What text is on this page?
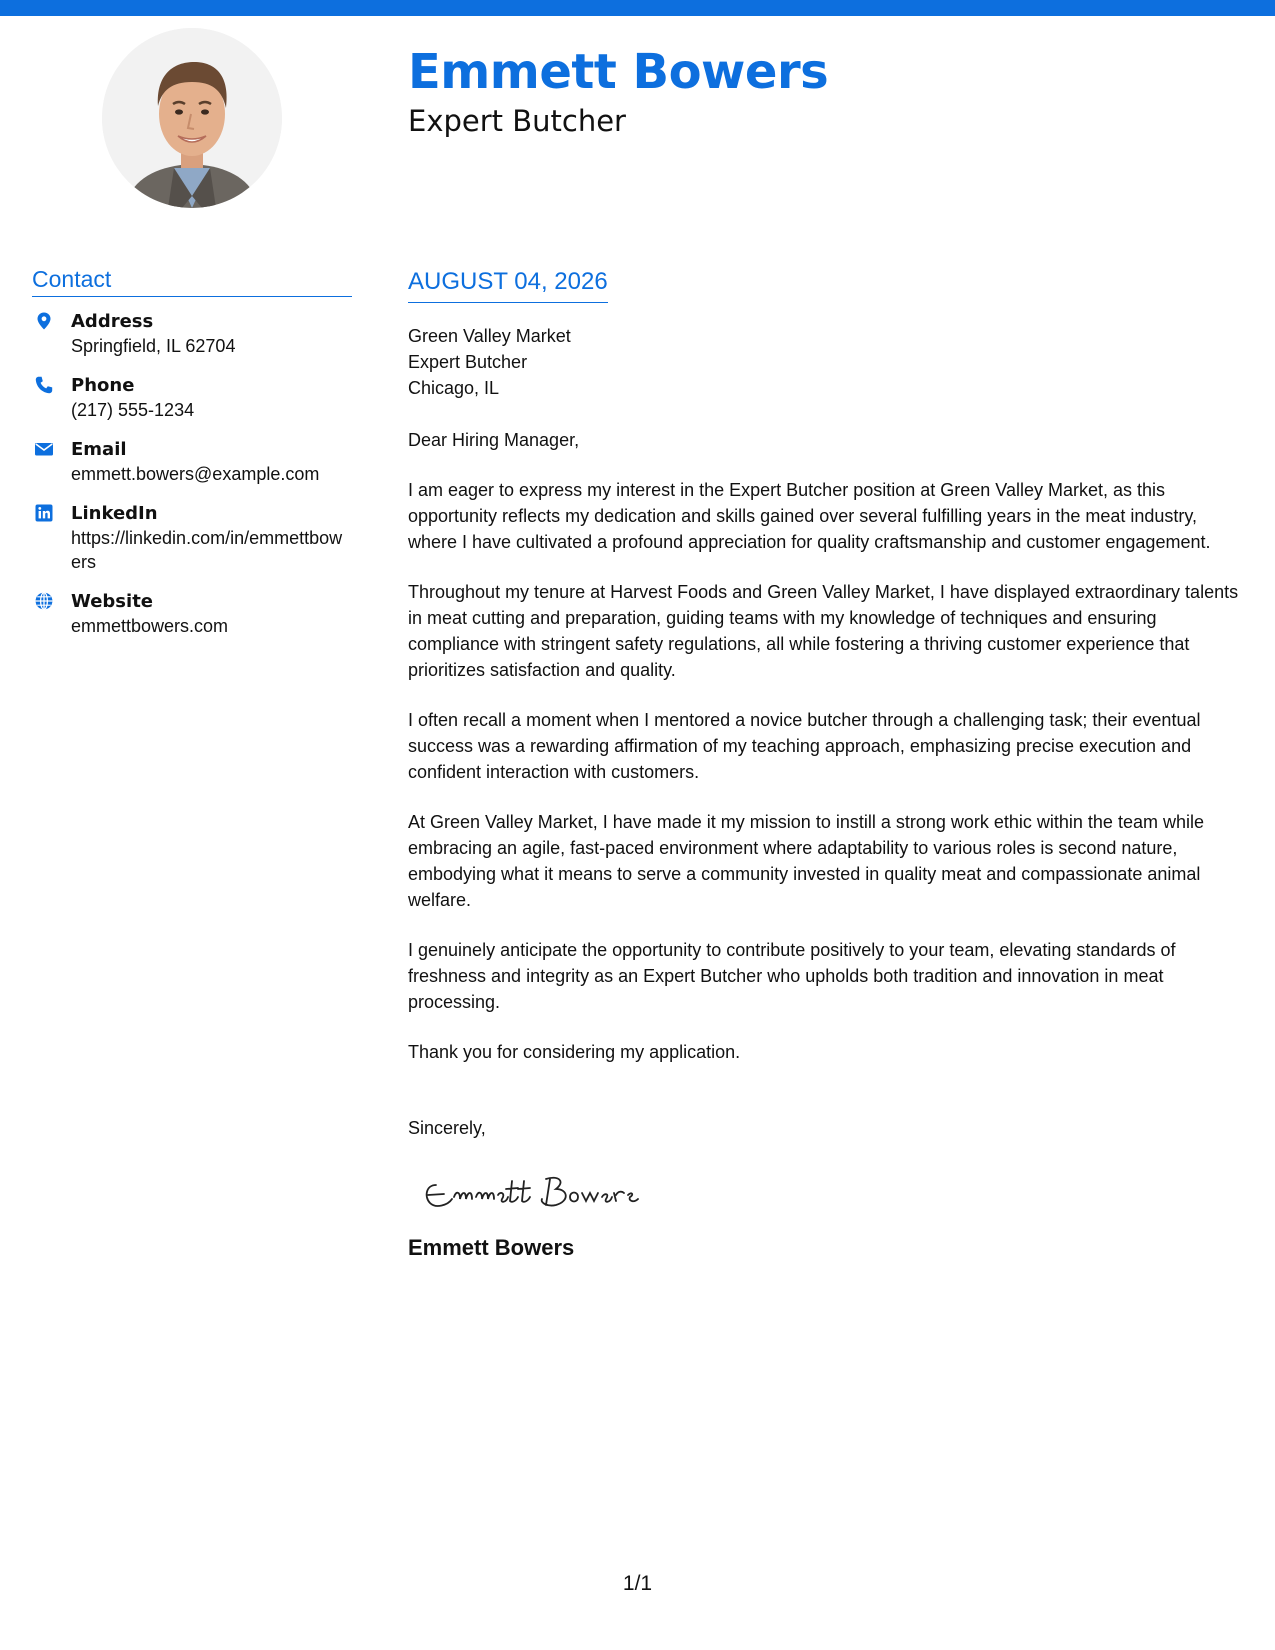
Emmett Bowers
Expert Butcher
Contact
Address
Springfield, IL 62704
Phone
(217) 555-1234
Email
emmett.bowers@example.com
LinkedIn
https://linkedin.com/in/emmettbowers
Website
emmettbowers.com
AUGUST 04, 2026
Green Valley Market
Expert Butcher
Chicago, IL
Dear Hiring Manager,
I am eager to express my interest in the Expert Butcher position at Green Valley Market, as this opportunity reflects my dedication and skills gained over several fulfilling years in the meat industry, where I have cultivated a profound appreciation for quality craftsmanship and customer engagement.
Throughout my tenure at Harvest Foods and Green Valley Market, I have displayed extraordinary talents in meat cutting and preparation, guiding teams with my knowledge of techniques and ensuring compliance with stringent safety regulations, all while fostering a thriving customer experience that prioritizes satisfaction and quality.
I often recall a moment when I mentored a novice butcher through a challenging task; their eventual success was a rewarding affirmation of my teaching approach, emphasizing precise execution and confident interaction with customers.
At Green Valley Market, I have made it my mission to instill a strong work ethic within the team while embracing an agile, fast-paced environment where adaptability to various roles is second nature, embodying what it means to serve a community invested in quality meat and compassionate animal welfare.
I genuinely anticipate the opportunity to contribute positively to your team, elevating standards of freshness and integrity as an Expert Butcher who upholds both tradition and innovation in meat processing.
Thank you for considering my application.
Sincerely,
Emmett Bowers
1/1
